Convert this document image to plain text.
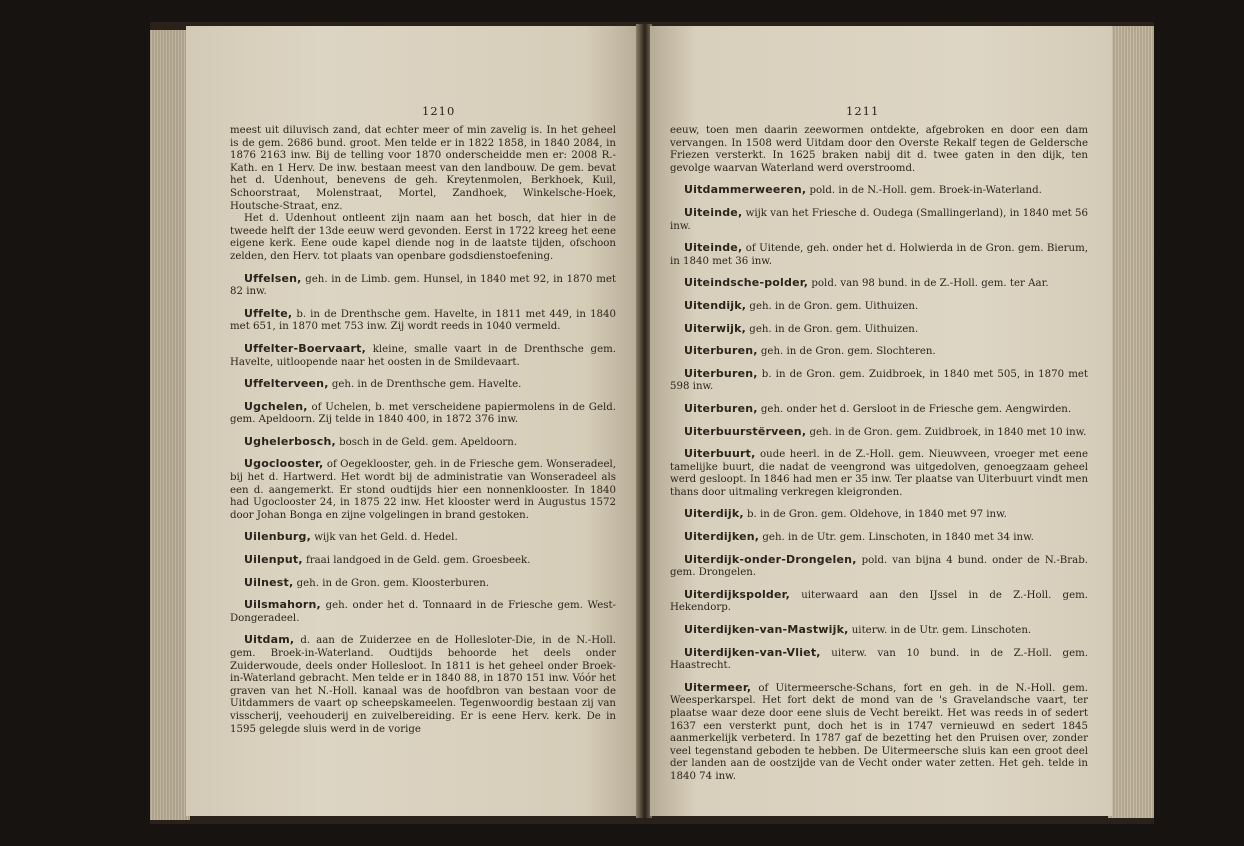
1210

meest uit diluvisch zand, dat echter meer of min zavelig is. In het geheel is de gem. 2686 bund. groot. Men telde er in 1822 1858, in 1840 2084, in 1876 2163 inw. Bij de telling voor 1870 onderscheidde men er: 2008 R.-Kath. en 1 Herv. De inw. bestaan meest van den landbouw. De gem. bevat het d. Udenhout, benevens de geh. Kreytenmolen, Berkhoek, Kuil, Schoorstraat, Molenstraat, Mortel, Zandhoek, Winkelsche-Hoek, Houtsche-Straat, enz.

Het d. Udenhout ontleent zijn naam aan het bosch, dat hier in de tweede helft der 13de eeuw werd gevonden. Eerst in 1722 kreeg het eene eigene kerk. Eene oude kapel diende nog in de laatste tijden, ofschoon zelden, den Herv. tot plaats van openbare godsdienstoefening.

Uffelsen, geh. in de Limb. gem. Hunsel, in 1840 met 92, in 1870 met 82 inw.

Uffelte, b. in de Drenthsche gem. Havelte, in 1811 met 449, in 1840 met 651, in 1870 met 753 inw. Zij wordt reeds in 1040 vermeld.

Uffelter-Boervaart, kleine, smalle vaart in de Drenthsche gem. Havelte, uitloopende naar het oosten in de Smildevaart.

Uffelterveen, geh. in de Drenthsche gem. Havelte.

Ugchelen, of Uchelen, b. met verscheidene papiermolens in de Geld. gem. Apeldoorn. Zij telde in 1840 400, in 1872 376 inw.

Ughelerbosch, bosch in de Geld. gem. Apeldoorn.

Ugoclooster, of Oegeklooster, geh. in de Friesche gem. Wonseradeel, bij het d. Hartwerd. Het wordt bij de administratie van Wonseradeel als een d. aangemerkt. Er stond oudtijds hier een nonnenklooster. In 1840 had Ugoclooster 24, in 1875 22 inw. Het klooster werd in Augustus 1572 door Johan Bonga en zijne volgelingen in brand gestoken.

Uilenburg, wijk van het Geld. d. Hedel.

Uilenput, fraai landgoed in de Geld. gem. Groesbeek.

Uilnest, geh. in de Gron. gem. Kloosterburen.

Uilsmahorn, geh. onder het d. Tonnaard in de Friesche gem. West-Dongeradeel.

Uitdam, d. aan de Zuiderzee en de Hollesloter-Die, in de N.-Holl. gem. Broek-in-Waterland. Oudtijds behoorde het deels onder Zuiderwoude, deels onder Hollesloot. In 1811 is het geheel onder Broek-in-Waterland gebracht. Men telde er in 1840 88, in 1870 151 inw. Vóór het graven van het N.-Holl. kanaal was de hoofdbron van bestaan voor de Uitdammers de vaart op scheepskameelen. Tegenwoordig bestaan zij van visscherij, veehouderij en zuivelbereiding. Er is eene Herv. kerk. De in 1595 gelegde sluis werd in de vorige

1211

eeuw, toen men daarin zeewormen ontdekte, afgebroken en door een dam vervangen. In 1508 werd Uitdam door den Overste Rekalf tegen de Geldersche Friezen versterkt. In 1625 braken nabij dit d. twee gaten in den dijk, ten gevolge waarvan Waterland werd overstroomd.

Uitdammerweeren, pold. in de N.-Holl. gem. Broek-in-Waterland.

Uiteinde, wijk van het Friesche d. Oudega (Smallingerland), in 1840 met 56 inw.

Uiteinde, of Uitende, geh. onder het d. Holwierda in de Gron. gem. Bierum, in 1840 met 36 inw.

Uiteindsche-polder, pold. van 98 bund. in de Z.-Holl. gem. ter Aar.

Uitendijk, geh. in de Gron. gem. Uithuizen.

Uiterwijk, geh. in de Gron. gem. Uithuizen.

Uiterburen, geh. in de Gron. gem. Slochteren.

Uiterburen, b. in de Gron. gem. Zuidbroek, in 1840 met 505, in 1870 met 598 inw.

Uiterburen, geh. onder het d. Gersloot in de Friesche gem. Aengwirden.

Uiterbuurstërveen, geh. in de Gron. gem. Zuidbroek, in 1840 met 10 inw.

Uiterbuurt, oude heerl. in de Z.-Holl. gem. Nieuwveen, vroeger met eene tamelijke buurt, die nadat de veengrond was uitgedolven, genoegzaam geheel werd gesloopt. In 1846 had men er 35 inw. Ter plaatse van Uiterbuurt vindt men thans door uitmaling verkregen kleigronden.

Uiterdijk, b. in de Gron. gem. Oldehove, in 1840 met 97 inw.

Uiterdijken, geh. in de Utr. gem. Linschoten, in 1840 met 34 inw.

Uiterdijk-onder-Drongelen, pold. van bijna 4 bund. onder de N.-Brab. gem. Drongelen.

Uiterdijkspolder, uiterwaard aan den IJssel in de Z.-Holl. gem. Hekendorp.

Uiterdijken-van-Mastwijk, uiterw. in de Utr. gem. Linschoten.

Uiterdijken-van-Vliet, uiterw. van 10 bund. in de Z.-Holl. gem. Haastrecht.

Uitermeer, of Uitermeersche-Schans, fort en geh. in de N.-Holl. gem. Weesperkarspel. Het fort dekt de mond van de 's Gravelandsche vaart, ter plaatse waar deze door eene sluis de Vecht bereikt. Het was reeds in of sedert 1637 een versterkt punt, doch het is in 1747 vernieuwd en sedert 1845 aanmerkelijk verbeterd. In 1787 gaf de bezetting het den Pruisen over, zonder veel tegenstand geboden te hebben. De Uitermeersche sluis kan een groot deel der landen aan de oostzijde van de Vecht onder water zetten. Het geh. telde in 1840 74 inw.
